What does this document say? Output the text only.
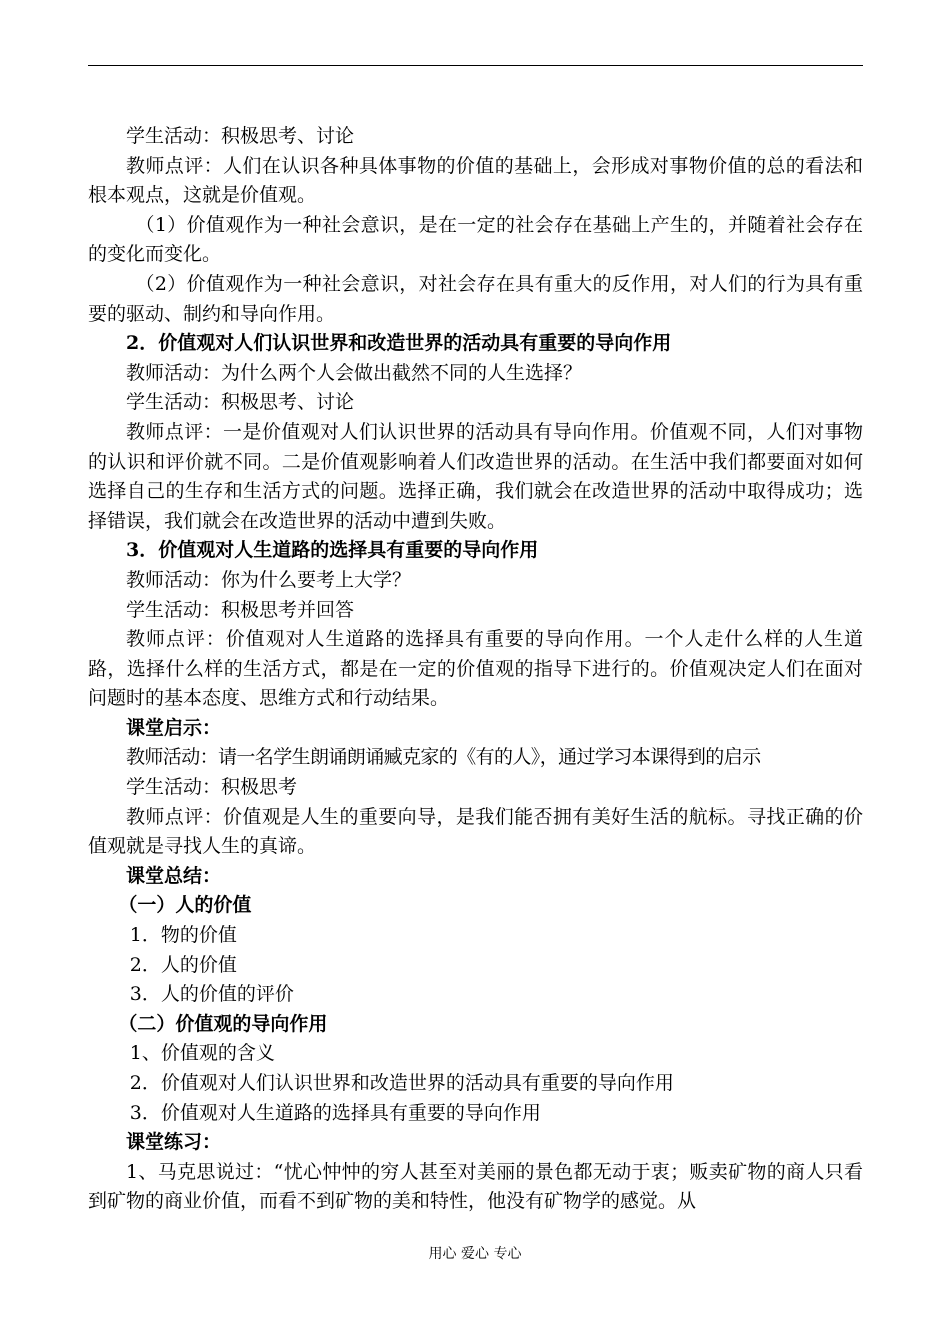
学生活动：积极思考、讨论

教师点评：人们在认识各种具体事物的价值的基础上，会形成对事物价值的总的看法和根本观点，这就是价值观。

（1）价值观作为一种社会意识，是在一定的社会存在基础上产生的，并随着社会存在的变化而变化。

（2）价值观作为一种社会意识，对社会存在具有重大的反作用，对人们的行为具有重要的驱动、制约和导向作用。

2．价值观对人们认识世界和改造世界的活动具有重要的导向作用

教师活动：为什么两个人会做出截然不同的人生选择？

学生活动：积极思考、讨论

教师点评：一是价值观对人们认识世界的活动具有导向作用。价值观不同，人们对事物的认识和评价就不同。二是价值观影响着人们改造世界的活动。在生活中我们都要面对如何选择自己的生存和生活方式的问题。选择正确，我们就会在改造世界的活动中取得成功；选择错误，我们就会在改造世界的活动中遭到失败。

3．价值观对人生道路的选择具有重要的导向作用

教师活动：你为什么要考上大学？

学生活动：积极思考并回答

教师点评：价值观对人生道路的选择具有重要的导向作用。一个人走什么样的人生道路，选择什么样的生活方式，都是在一定的价值观的指导下进行的。价值观决定人们在面对问题时的基本态度、思维方式和行动结果。

课堂启示：

教师活动：请一名学生朗诵朗诵臧克家的《有的人》，通过学习本课得到的启示

学生活动：积极思考

教师点评：价值观是人生的重要向导，是我们能否拥有美好生活的航标。寻找正确的价值观就是寻找人生的真谛。

课堂总结：

（一）人的价值

1．物的价值

2．人的价值

3．人的价值的评价

（二）价值观的导向作用

1、价值观的含义

2．价值观对人们认识世界和改造世界的活动具有重要的导向作用

3．价值观对人生道路的选择具有重要的导向作用

课堂练习：

1、马克思说过：“忧心忡忡的穷人甚至对美丽的景色都无动于衷；贩卖矿物的商人只看到矿物的商业价值，而看不到矿物的美和特性，他没有矿物学的感觉。从

用心 爱心 专心
